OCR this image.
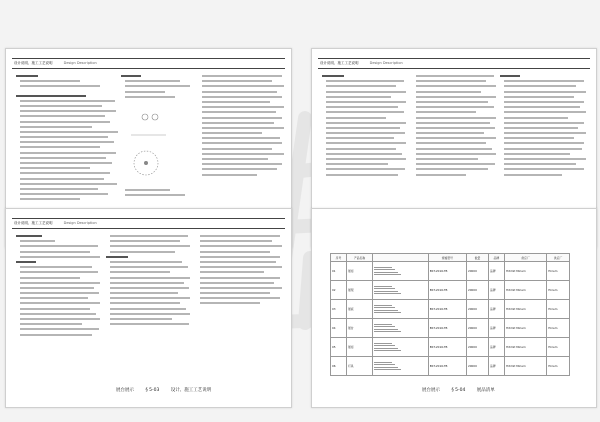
设计说明、施工工艺说明	Design Description	设计说明、施工工艺说明	Design Description
设计说明、施工工艺说明	Design Description
展台展示	§ 5-03	设计、施工工艺说明	展台展示	§ 5-04	展品清单
序号	产品名称		规格型号	数量	品牌	供应厂	供应厂
01	展柜		BST-2016-TB	20000	品牌	Hitimlt Miriem	Hiriem
02	展架		BST-2016-TB	20000	品牌	Hitimlt Miriem	Hiriem
03	展板		BST-2016-TB	20000	品牌	Hitimlt Miriem	Hiriem
04	展台		BST-2016-TB	20000	品牌	Hitimlt Miriem	Hiriem
05	展柜		BST-2016-TB	20000	品牌	Hitimlt Miriem	Hiriem
06	灯具		BST-2016-TB	20000	品牌	Hitimlt Miriem	Hiriem
